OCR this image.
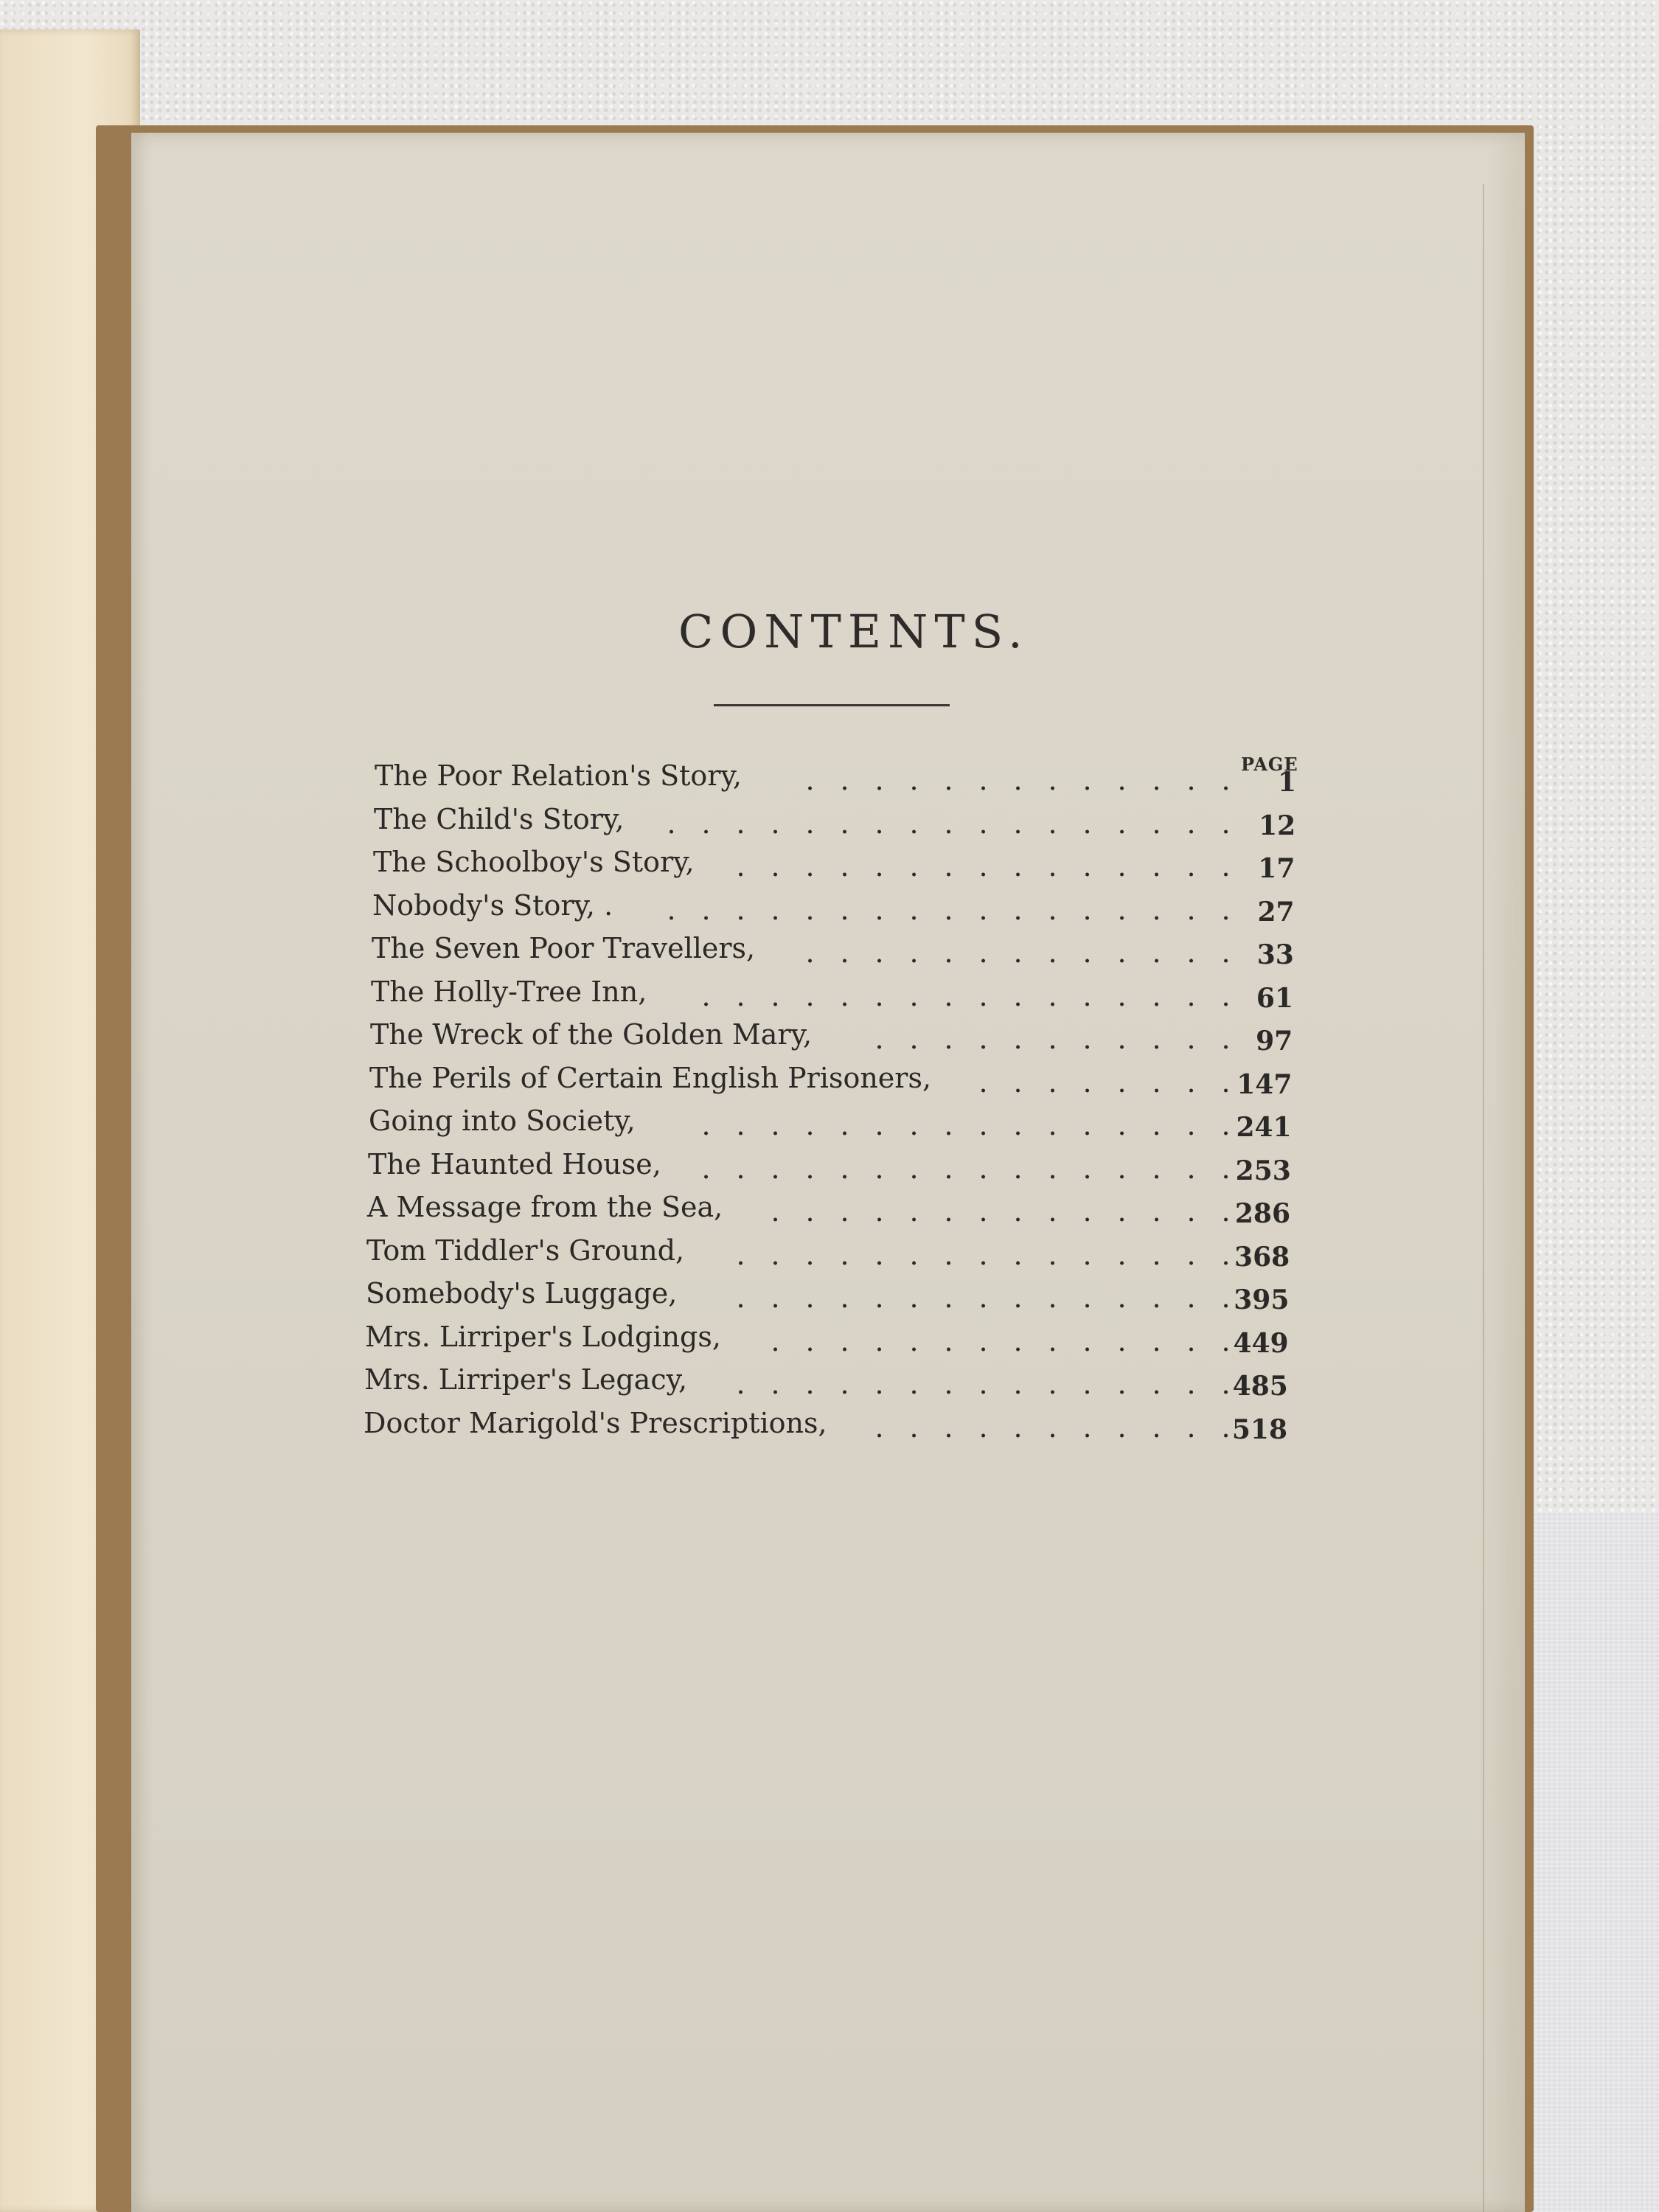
CONTENTS.
PAGE
The Poor Relation's Story,	. . . . . . . . . . . . .	1
The Child's Story,	. . . . . . . . . . . . . . . . .	12
The Schoolboy's Story,	. . . . . . . . . . . . . . .	17
Nobody's Story, .	. . . . . . . . . . . . . . . . .	27
The Seven Poor Travellers,	. . . . . . . . . . . . .	33
The Holly-Tree Inn,	. . . . . . . . . . . . . . . . 61
The Wreck of the Golden Mary,	. . . . . . . . . . . 97
The Perils of Certain English Prisoners,	. . . . . . . . 147
Going into Society,	. . . . . . . . . . . . . . . . 241
The Haunted House,	. . . . . . . . . . . . . . . . 253
A Message from the Sea,	. . . . . . . . . . . . . . 286
Tom Tiddler's Ground,	. . . . . . . . . . . . . . . 368
Somebody's Luggage,	. . . . . . . . . . . . . . . 395
Mrs. Lirriper's Lodgings,	. . . . . . . . . . . . . . 449
Mrs. Lirriper's Legacy,	. . . . . . . . . . . . . . . 485
Doctor Marigold's Prescriptions,	. . . . . . . . . . . 518
